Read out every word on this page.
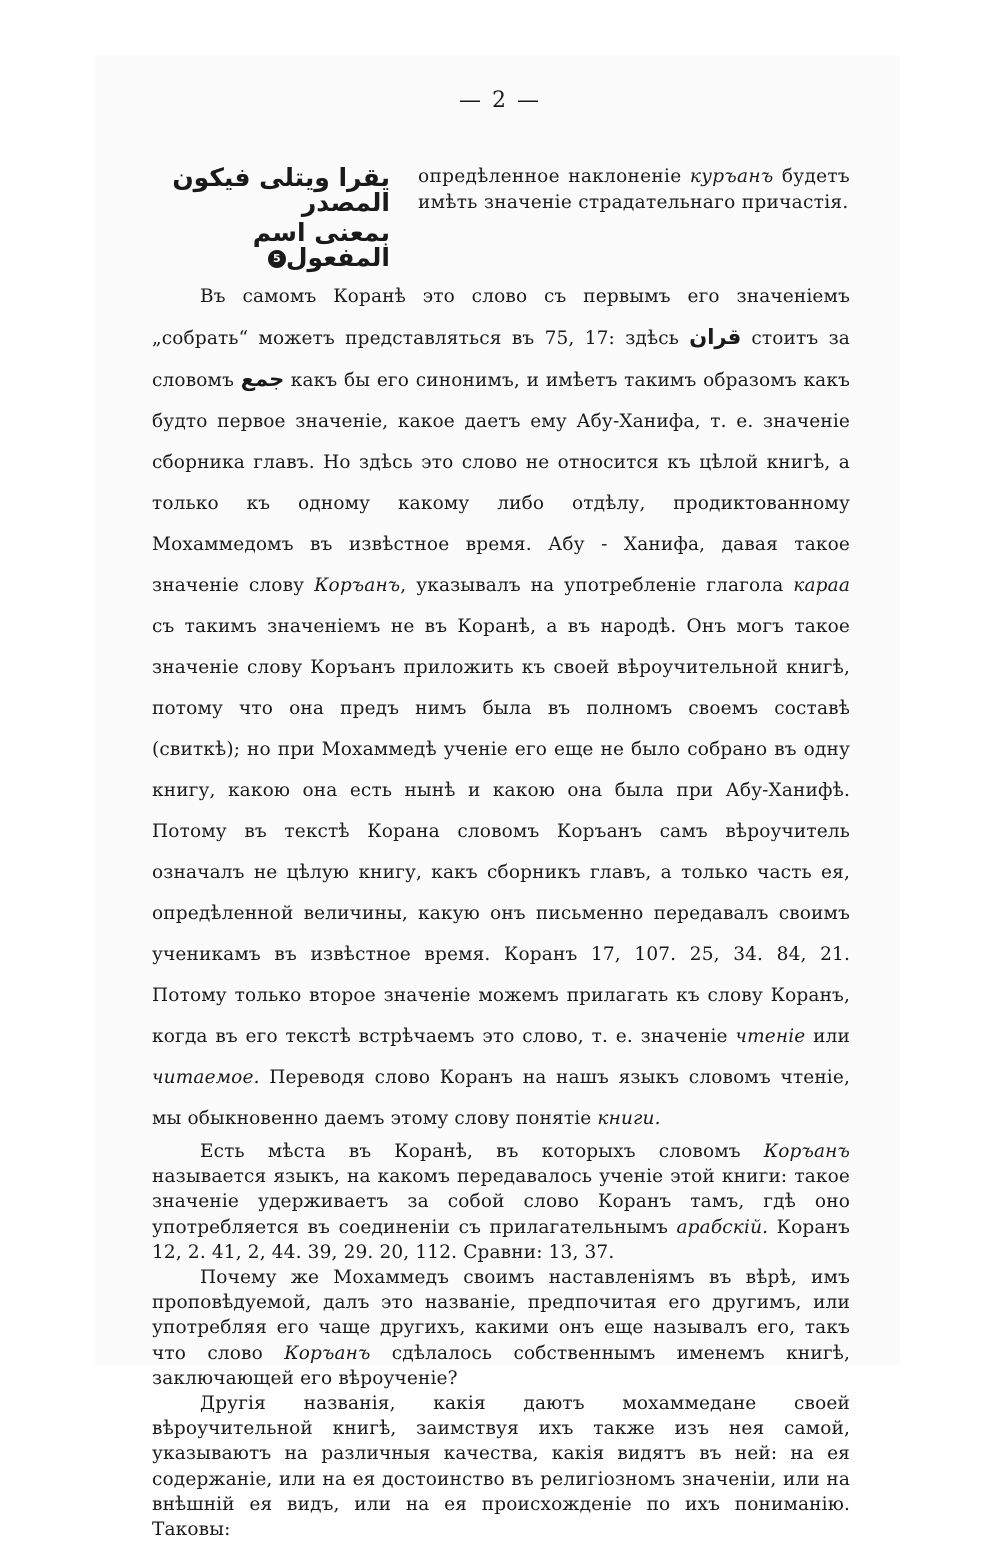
— 2 —
يقرا ويتلى فيكون المصدر
بمعنى اسم المفعول5
опредѣленное наклоненіе куръанъ будетъ имѣть значеніе страдательнаго причастія.

Въ самомъ Коранѣ это слово съ первымъ его значеніемъ „собрать“ можетъ представляться въ 75, 17: здѣсь قران стоитъ за словомъ جمع какъ бы его синонимъ, и имѣетъ такимъ образомъ какъ будто первое значеніе, какое даетъ ему Абу-Ханифа, т. е. значеніе сборника главъ. Но здѣсь это слово не относится къ цѣлой книгѣ, а только къ одному какому либо отдѣлу, продиктованному Мохаммедомъ въ извѣстное время. Абу - Ханифа, давая такое значеніе слову Коръанъ, указывалъ на употребленіе глагола караа съ такимъ значеніемъ не въ Коранѣ, а въ народѣ. Онъ могъ такое значеніе слову Коръанъ приложить къ своей вѣроучительной книгѣ, потому что она предъ нимъ была въ полномъ своемъ составѣ (свиткѣ); но при Мохаммедѣ ученіе его еще не было собрано въ одну книгу, какою она есть нынѣ и какою она была при Абу-Ханифѣ. Потому въ текстѣ Корана словомъ Коръанъ самъ вѣроучитель означалъ не цѣлую книгу, какъ сборникъ главъ, а только часть ея, опредѣленной величины, какую онъ письменно передавалъ своимъ ученикамъ въ извѣстное время. Коранъ 17, 107. 25, 34. 84, 21. Потому только второе значеніе можемъ прилагать къ слову Коранъ, когда въ его текстѣ встрѣчаемъ это слово, т. е. значеніе чтеніе или читаемое. Переводя слово Коранъ на нашъ языкъ словомъ чтеніе, мы обыкновенно даемъ этому слову понятіе книги.

Есть мѣста въ Коранѣ, въ которыхъ словомъ Коръанъ называется языкъ, на какомъ передавалось ученіе этой книги: такое значеніе удерживаетъ за собой слово Коранъ тамъ, гдѣ оно употребляется въ соединеніи съ прилагательнымъ арабскій. Коранъ 12, 2. 41, 2, 44. 39, 29. 20, 112. Сравни: 13, 37.

Почему же Мохаммедъ своимъ наставленіямъ въ вѣрѣ, имъ проповѣдуемой, далъ это названіе, предпочитая его другимъ, или употребляя его чаще другихъ, какими онъ еще называлъ его, такъ что слово Коръанъ сдѣлалось собственнымъ именемъ книгѣ, заключающей его вѣроученіе?

Другія названія, какія даютъ мохаммедане своей вѣроучительной книгѣ, заимствуя ихъ также изъ нея самой, указываютъ на различныя качества, какія видятъ въ ней: на ея содержаніе, или на ея достоинство въ религіозномъ значеніи, или на внѣшній ея видъ, или на ея происхожденіе по ихъ пониманію. Таковы:
